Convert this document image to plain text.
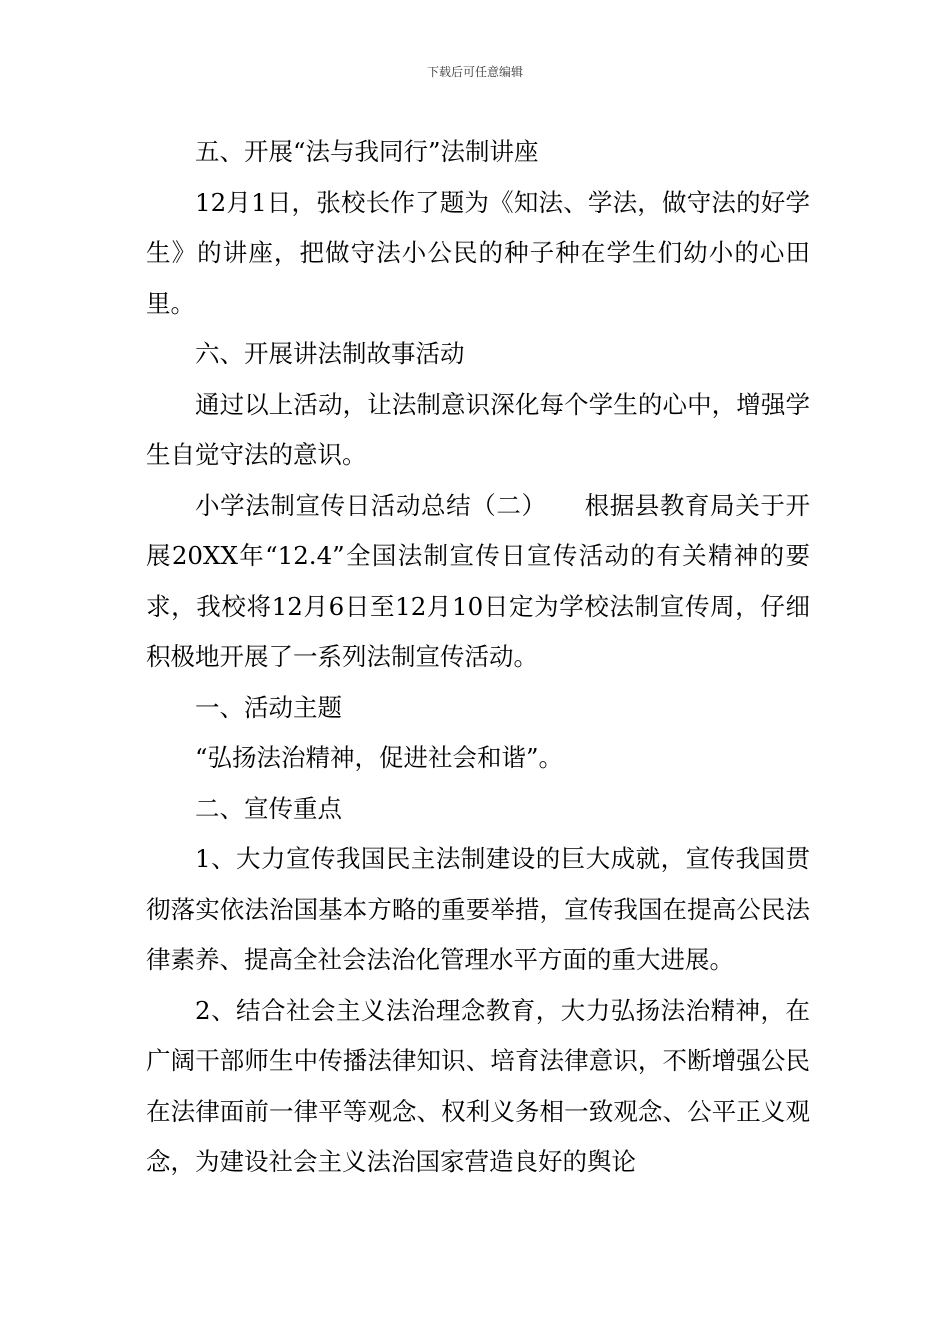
下载后可任意编辑

五、开展“法与我同行”法制讲座

12月1日，张校长作了题为《知法、学法，做守法的好学生》的讲座，把做守法小公民的种子种在学生们幼小的心田里。

六、开展讲法制故事活动

通过以上活动，让法制意识深化每个学生的心中，增强学生自觉守法的意识。

小学法制宣传日活动总结（二）　　根据县教育局关于开展20XX年“12.4”全国法制宣传日宣传活动的有关精神的要求，我校将12月6日至12月10日定为学校法制宣传周，仔细积极地开展了一系列法制宣传活动。

一、活动主题

“弘扬法治精神，促进社会和谐”。

二、宣传重点

1、大力宣传我国民主法制建设的巨大成就，宣传我国贯彻落实依法治国基本方略的重要举措，宣传我国在提高公民法律素养、提高全社会法治化管理水平方面的重大进展。

2、结合社会主义法治理念教育，大力弘扬法治精神，在广阔干部师生中传播法律知识、培育法律意识，不断增强公民在法律面前一律平等观念、权利义务相一致观念、公平正义观念，为建设社会主义法治国家营造良好的舆论
